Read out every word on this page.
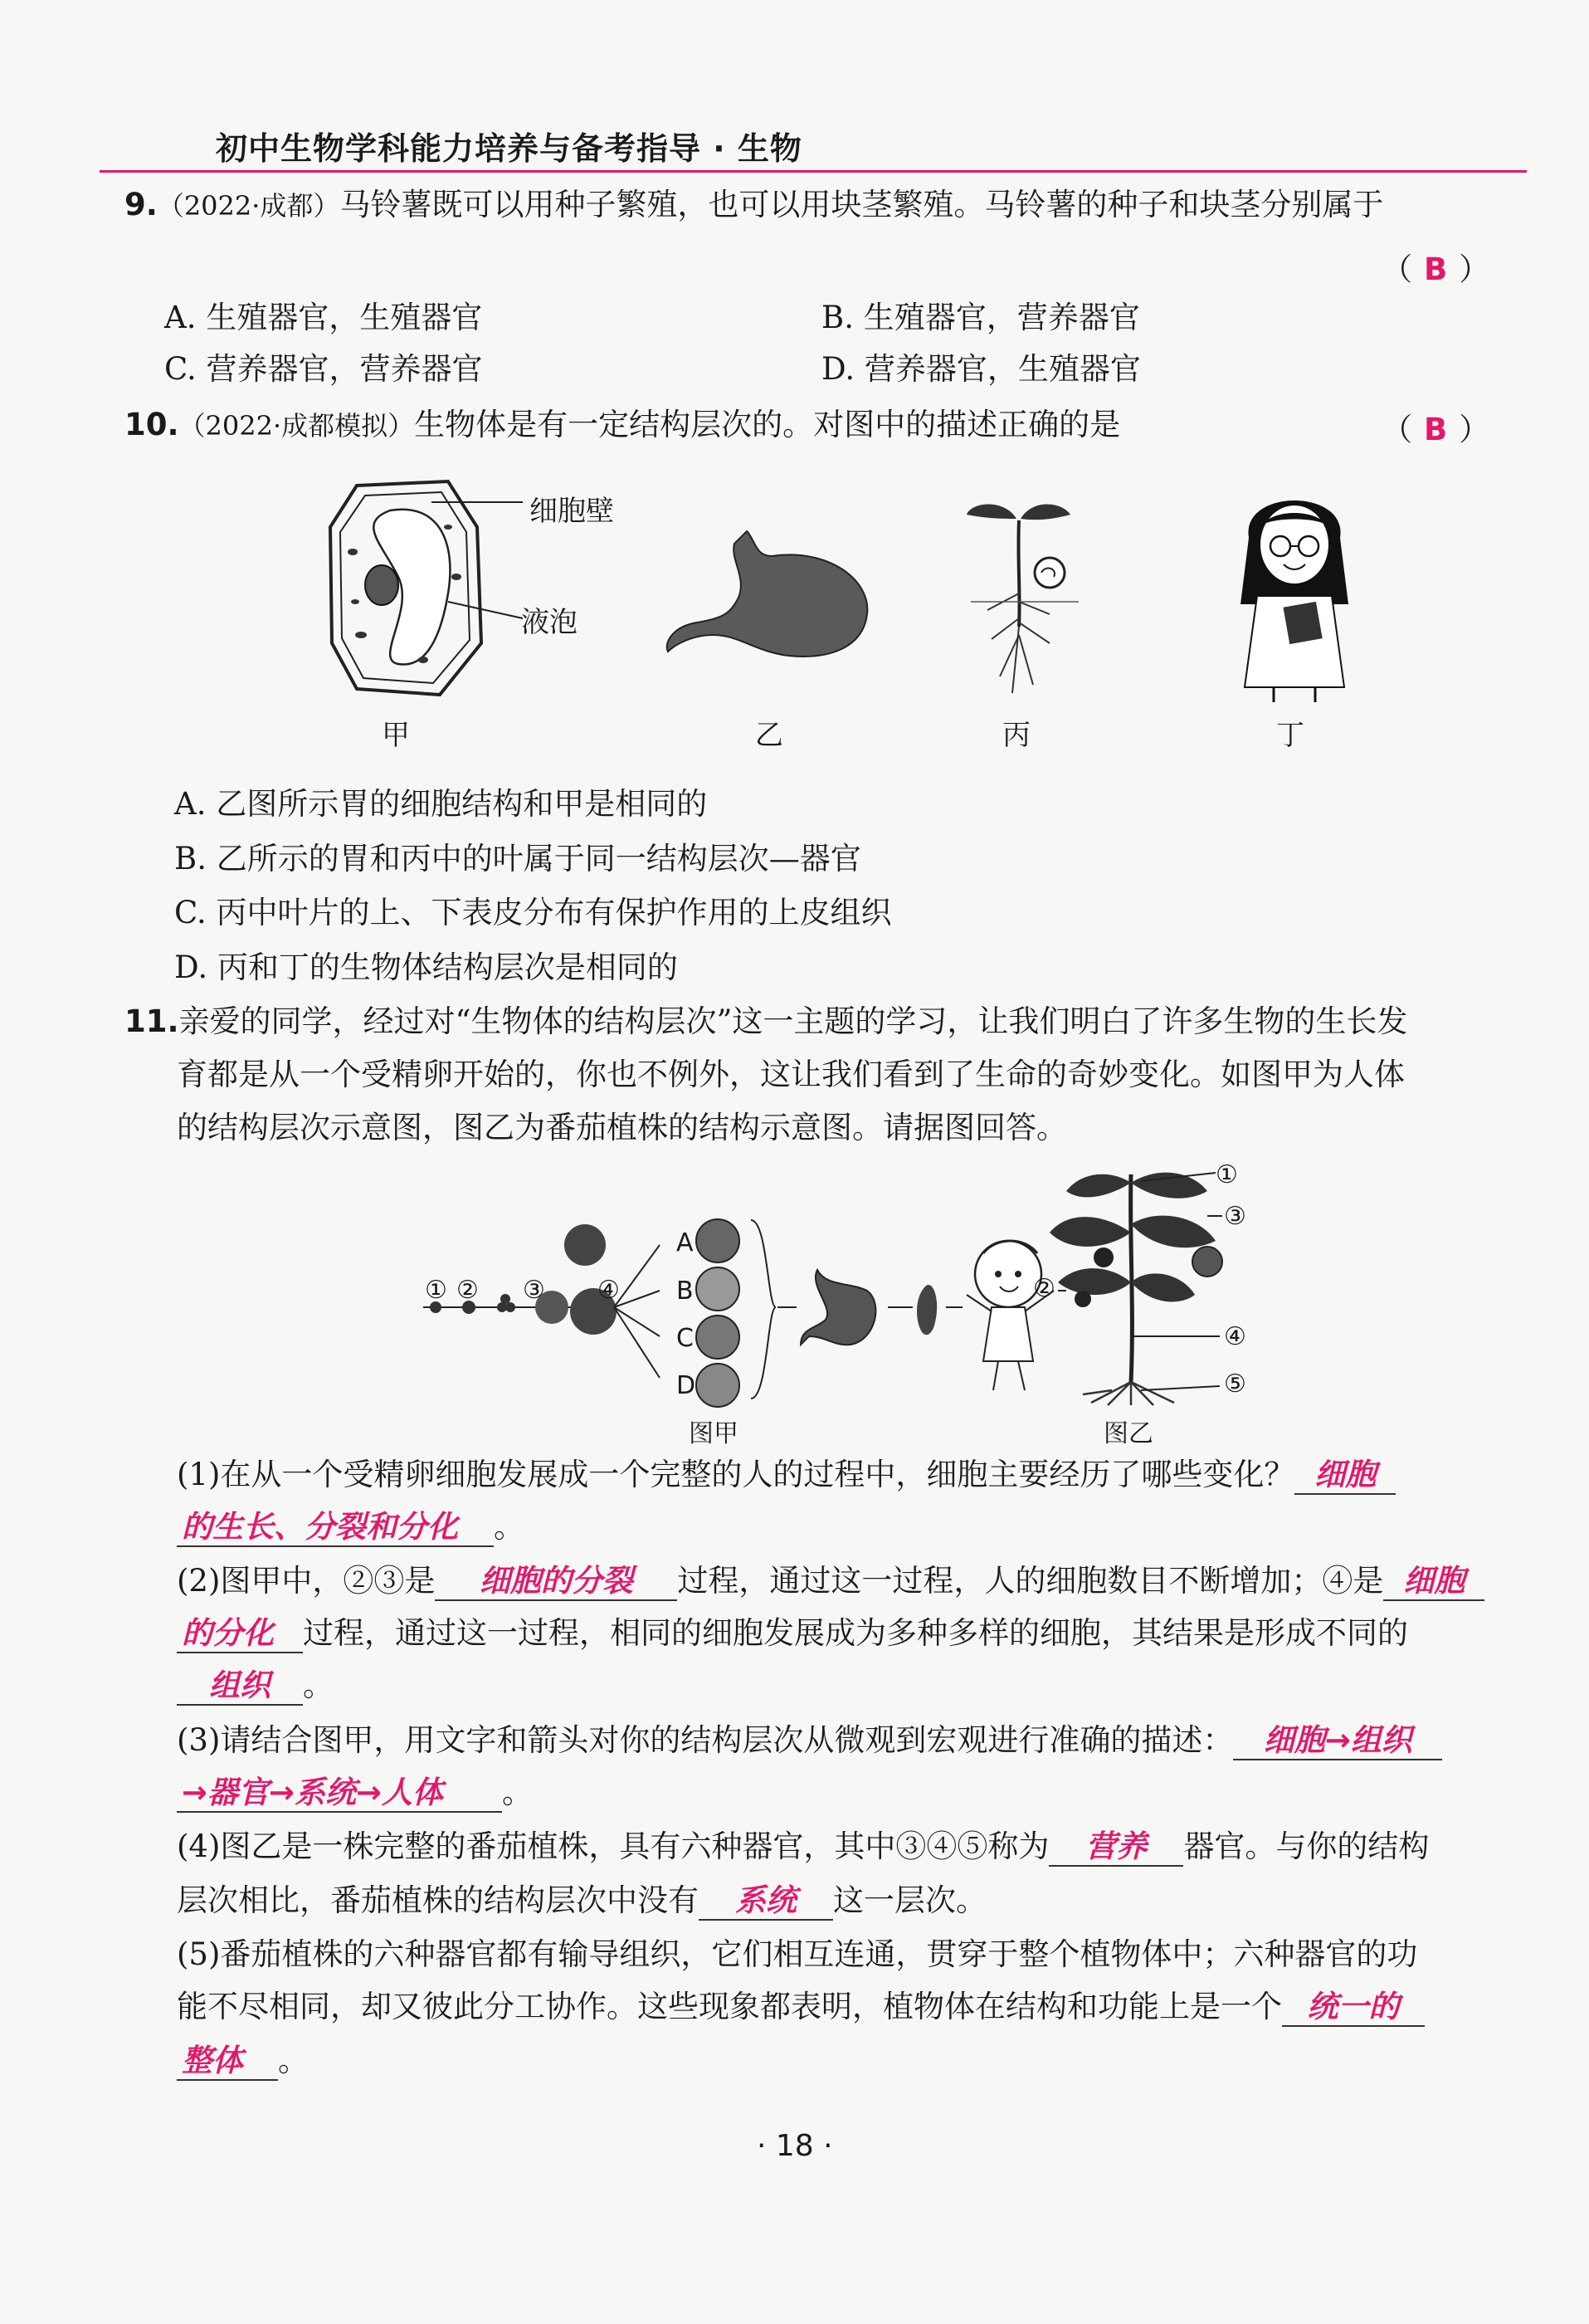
初中生物学科能力培养与备考指导 · 生物
9.（2022·成都）马铃薯既可以用种子繁殖，也可以用块茎繁殖。马铃薯的种子和块茎分别属于
（ B ）
A. 生殖器官，生殖器官	B. 生殖器官，营养器官
C. 营养器官，营养器官	D. 营养器官，生殖器官
10.（2022·成都模拟）生物体是有一定结构层次的。对图中的描述正确的是	（ B ）
细胞壁
液泡
甲	乙	丙	丁
A. 乙图所示胃的细胞结构和甲是相同的
B. 乙所示的胃和丙中的叶属于同一结构层次—器官
C. 丙中叶片的上、下表皮分布有保护作用的上皮组织
D. 丙和丁的生物体结构层次是相同的
11.亲爱的同学，经过对“生物体的结构层次”这一主题的学习，让我们明白了许多生物的生长发
育都是从一个受精卵开始的，你也不例外，这让我们看到了生命的奇妙变化。如图甲为人体
的结构层次示意图，图乙为番茄植株的结构示意图。请据图回答。
① ② ③ ④
A
B
C
D
图甲
①
③
②
④
⑤
图乙
(1)在从一个受精卵细胞发展成一个完整的人的过程中，细胞主要经历了哪些变化？ 细胞
的生长、分裂和分化 。
(2)图甲中，②③是 细胞的分裂 过程，通过这一过程，人的细胞数目不断增加；④是 细胞
的分化 过程，通过这一过程，相同的细胞发展成为多种多样的细胞，其结果是形成不同的
组织 。
(3)请结合图甲，用文字和箭头对你的结构层次从微观到宏观进行准确的描述： 细胞→组织
→器官→系统→人体 。
(4)图乙是一株完整的番茄植株，具有六种器官，其中③④⑤称为 营养 器官。与你的结构
层次相比，番茄植株的结构层次中没有 系统 这一层次。
(5)番茄植株的六种器官都有输导组织，它们相互连通，贯穿于整个植物体中；六种器官的功
能不尽相同，却又彼此分工协作。这些现象都表明，植物体在结构和功能上是一个 统一的
整体 。
· 18 ·
